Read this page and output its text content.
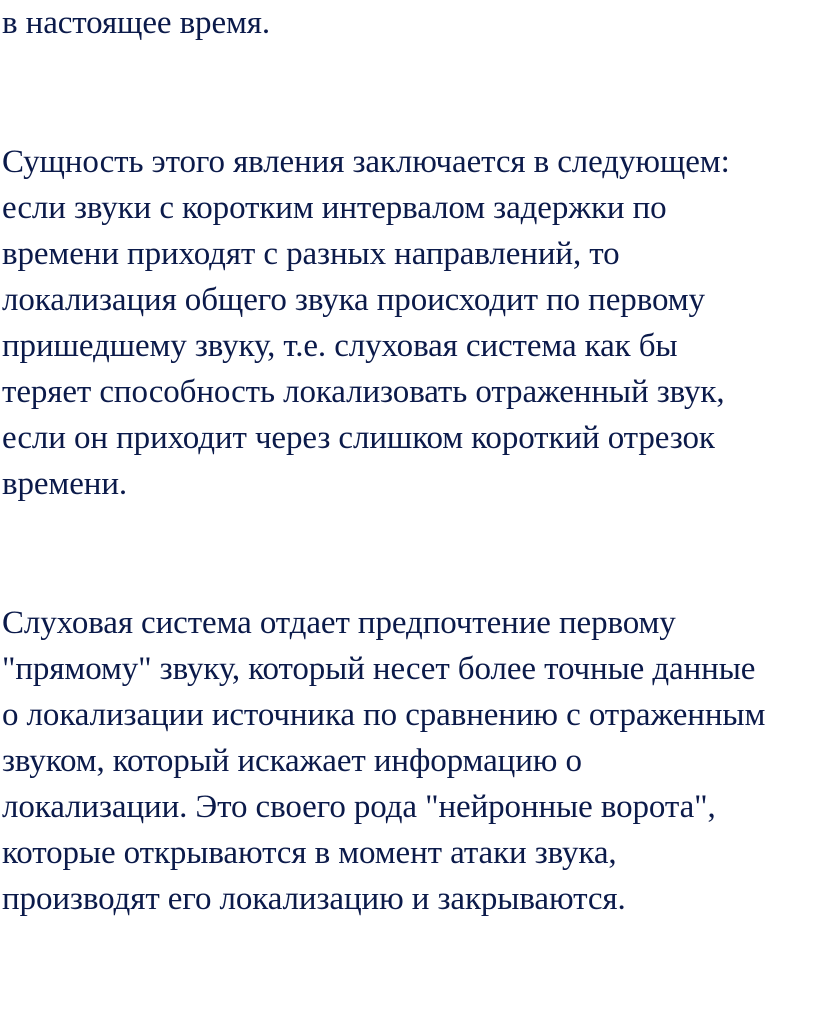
в настоящее время.
Сущность этого явления заключается в следующем:
если звуки с коротким интервалом задержки по
времени приходят с разных направлений, то
локализация общего звука происходит по первому
пришедшему звуку, т.е. слуховая система как бы
теряет способность локализовать отраженный звук,
если он приходит через слишком короткий отрезок
времени.
Слуховая система отдает предпочтение первому
"прямому" звуку, который несет более точные данные
о локализации источника по сравнению с отраженным
звуком, который искажает информацию о
локализации. Это своего рода "нейронные ворота",
которые открываются в момент атаки звука,
производят его локализацию и закрываются.
